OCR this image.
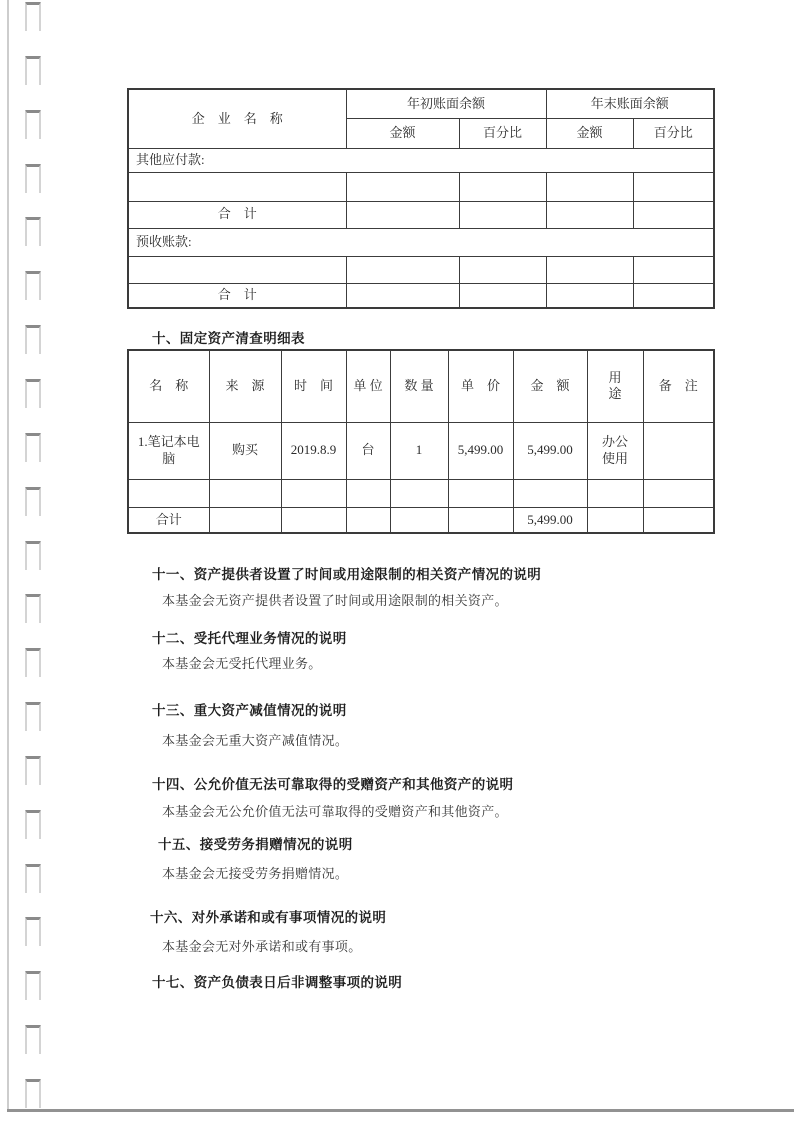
企　业　名　称	年初账面余额		年末账面余额	
	金额	百分比	金额	百分比
其他应付款:				

合　计				
预收账款:				

合　计				
十、固定资产清查明细表
名　称	来　源	时　间	单 位	数 量	单　价	金　额	用　途	备　注
1.笔记本电脑	购买	2019.8.9	台	1	5,499.00	5,499.00	办公使用	

合计						5,499.00		
十一、资产提供者设置了时间或用途限制的相关资产情况的说明
本基金会无资产提供者设置了时间或用途限制的相关资产。
十二、受托代理业务情况的说明
本基金会无受托代理业务。
十三、重大资产减值情况的说明
本基金会无重大资产减值情况。
十四、公允价值无法可靠取得的受赠资产和其他资产的说明
本基金会无公允价值无法可靠取得的受赠资产和其他资产。
十五、接受劳务捐赠情况的说明
本基金会无接受劳务捐赠情况。
十六、对外承诺和或有事项情况的说明
本基金会无对外承诺和或有事项。
十七、资产负债表日后非调整事项的说明
